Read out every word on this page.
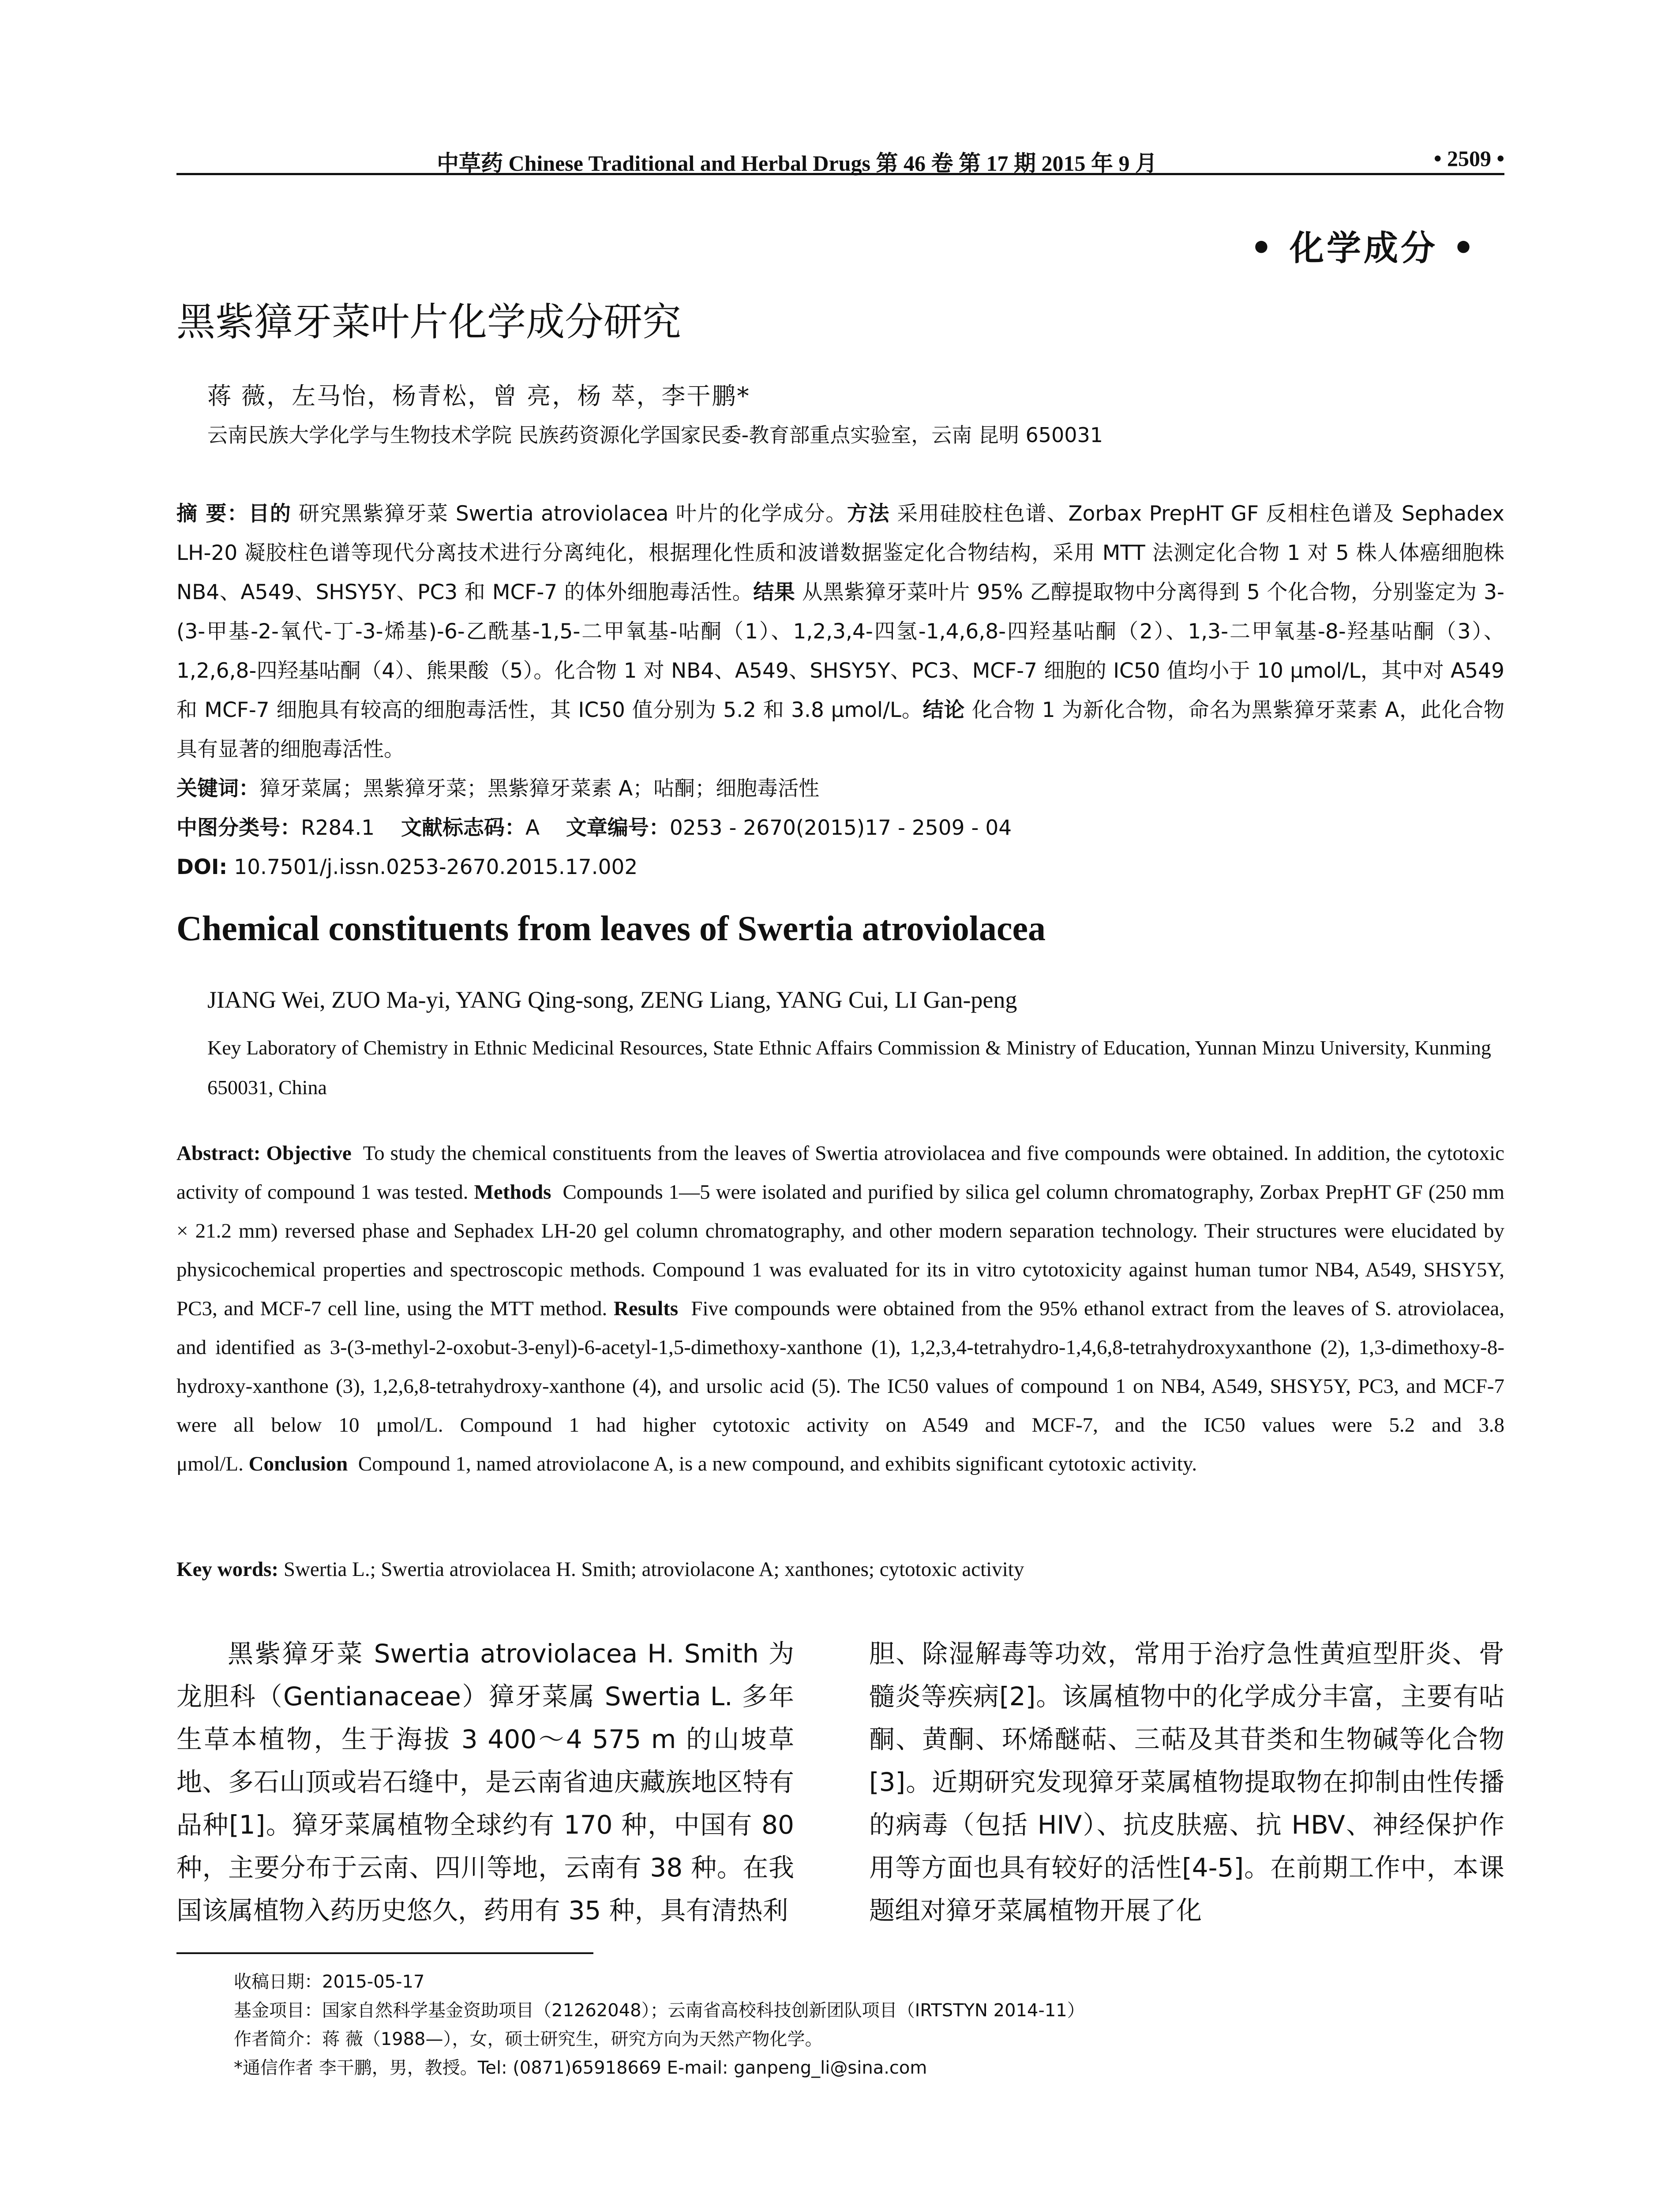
中草药 Chinese Traditional and Herbal Drugs 第 46 卷 第 17 期 2015 年 9 月	• 2509 •
• 化学成分 •
黑紫獐牙菜叶片化学成分研究
蒋 薇，左马怡，杨青松，曾 亮，杨 萃，李干鹏*
云南民族大学化学与生物技术学院 民族药资源化学国家民委-教育部重点实验室，云南 昆明 650031
摘 要：目的 研究黑紫獐牙菜 Swertia atroviolacea 叶片的化学成分。方法 采用硅胶柱色谱、Zorbax PrepHT GF 反相柱色谱及 Sephadex LH-20 凝胶柱色谱等现代分离技术进行分离纯化，根据理化性质和波谱数据鉴定化合物结构，采用 MTT 法测定化合物 1 对 5 株人体癌细胞株 NB4、A549、SHSY5Y、PC3 和 MCF-7 的体外细胞毒活性。结果 从黑紫獐牙菜叶片 95% 乙醇提取物中分离得到 5 个化合物，分别鉴定为 3-(3-甲基-2-氧代-丁-3-烯基)-6-乙酰基-1,5-二甲氧基-呫酮（1）、1,2,3,4-四氢-1,4,6,8-四羟基呫酮（2）、1,3-二甲氧基-8-羟基呫酮（3）、1,2,6,8-四羟基呫酮（4）、熊果酸（5）。化合物 1 对 NB4、A549、SHSY5Y、PC3、MCF-7 细胞的 IC50 值均小于 10 μmol/L，其中对 A549 和 MCF-7 细胞具有较高的细胞毒活性，其 IC50 值分别为 5.2 和 3.8 μmol/L。结论 化合物 1 为新化合物，命名为黑紫獐牙菜素 A，此化合物具有显著的细胞毒活性。
关键词：獐牙菜属；黑紫獐牙菜；黑紫獐牙菜素 A；呫酮；细胞毒活性
中图分类号：R284.1 文献标志码：A 文章编号：0253 - 2670(2015)17 - 2509 - 04
DOI: 10.7501/j.issn.0253-2670.2015.17.002
Chemical constituents from leaves of Swertia atroviolacea
JIANG Wei, ZUO Ma-yi, YANG Qing-song, ZENG Liang, YANG Cui, LI Gan-peng
Key Laboratory of Chemistry in Ethnic Medicinal Resources, State Ethnic Affairs Commission & Ministry of Education, Yunnan Minzu University, Kunming 650031, China
Abstract: Objective To study the chemical constituents from the leaves of Swertia atroviolacea and five compounds were obtained. In addition, the cytotoxic activity of compound 1 was tested. Methods Compounds 1—5 were isolated and purified by silica gel column chromatography, Zorbax PrepHT GF (250 mm × 21.2 mm) reversed phase and Sephadex LH-20 gel column chromatography, and other modern separation technology. Their structures were elucidated by physicochemical properties and spectroscopic methods. Compound 1 was evaluated for its in vitro cytotoxicity against human tumor NB4, A549, SHSY5Y, PC3, and MCF-7 cell line, using the MTT method. Results Five compounds were obtained from the 95% ethanol extract from the leaves of S. atroviolacea, and identified as 3-(3-methyl-2-oxobut-3-enyl)-6-acetyl-1,5-dimethoxy-xanthone (1), 1,2,3,4-tetrahydro-1,4,6,8-tetrahydroxyxanthone (2), 1,3-dimethoxy-8-hydroxy-xanthone (3), 1,2,6,8-tetrahydroxy-xanthone (4), and ursolic acid (5). The IC50 values of compound 1 on NB4, A549, SHSY5Y, PC3, and MCF-7 were all below 10 μmol/L. Compound 1 had higher cytotoxic activity on A549 and MCF-7, and the IC50 values were 5.2 and 3.8 μmol/L. Conclusion Compound 1, named atroviolacone A, is a new compound, and exhibits significant cytotoxic activity.
Key words: Swertia L.; Swertia atroviolacea H. Smith; atroviolacone A; xanthones; cytotoxic activity
黑紫獐牙菜 Swertia atroviolacea H. Smith 为龙胆科（Gentianaceae）獐牙菜属 Swertia L. 多年生草本植物，生于海拔 3 400～4 575 m 的山坡草地、多石山顶或岩石缝中，是云南省迪庆藏族地区特有品种[1]。獐牙菜属植物全球约有 170 种，中国有 80 种，主要分布于云南、四川等地，云南有 38 种。在我国该属植物入药历史悠久，药用有 35 种，具有清热利
胆、除湿解毒等功效，常用于治疗急性黄疸型肝炎、骨髓炎等疾病[2]。该属植物中的化学成分丰富，主要有呫酮、黄酮、环烯醚萜、三萜及其苷类和生物碱等化合物[3]。近期研究发现獐牙菜属植物提取物在抑制由性传播的病毒（包括 HIV）、抗皮肤癌、抗 HBV、神经保护作用等方面也具有较好的活性[4-5]。在前期工作中，本课题组对獐牙菜属植物开展了化
收稿日期：2015-05-17
基金项目：国家自然科学基金资助项目（21262048）；云南省高校科技创新团队项目（IRTSTYN 2014-11）
作者简介：蒋 薇（1988—），女，硕士研究生，研究方向为天然产物化学。
*通信作者 李干鹏，男，教授。Tel: (0871)65918669 E-mail: ganpeng_li@sina.com
